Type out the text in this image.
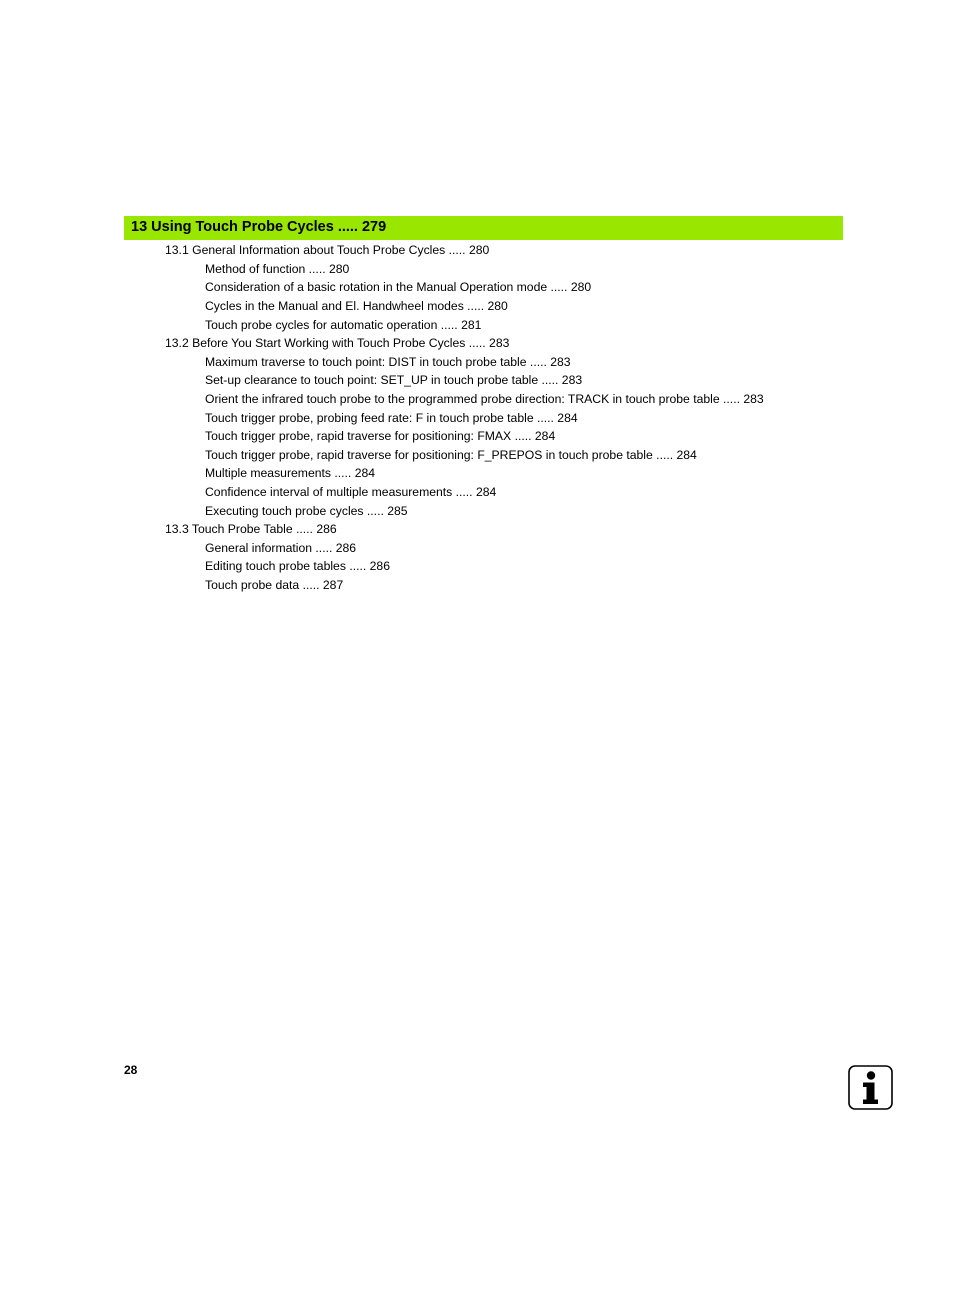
13 Using Touch Probe Cycles ..... 279
13.1 General Information about Touch Probe Cycles ..... 280
Method of function ..... 280
Consideration of a basic rotation in the Manual Operation mode ..... 280
Cycles in the Manual and El. Handwheel modes ..... 280
Touch probe cycles for automatic operation ..... 281
13.2 Before You Start Working with Touch Probe Cycles ..... 283
Maximum traverse to touch point: DIST in touch probe table ..... 283
Set-up clearance to touch point: SET_UP in touch probe table ..... 283
Orient the infrared touch probe to the programmed probe direction: TRACK in touch probe table ..... 283
Touch trigger probe, probing feed rate: F in touch probe table ..... 284
Touch trigger probe, rapid traverse for positioning: FMAX ..... 284
Touch trigger probe, rapid traverse for positioning: F_PREPOS in touch probe table ..... 284
Multiple measurements ..... 284
Confidence interval of multiple measurements ..... 284
Executing touch probe cycles ..... 285
13.3 Touch Probe Table ..... 286
General information ..... 286
Editing touch probe tables ..... 286
Touch probe data ..... 287
28
